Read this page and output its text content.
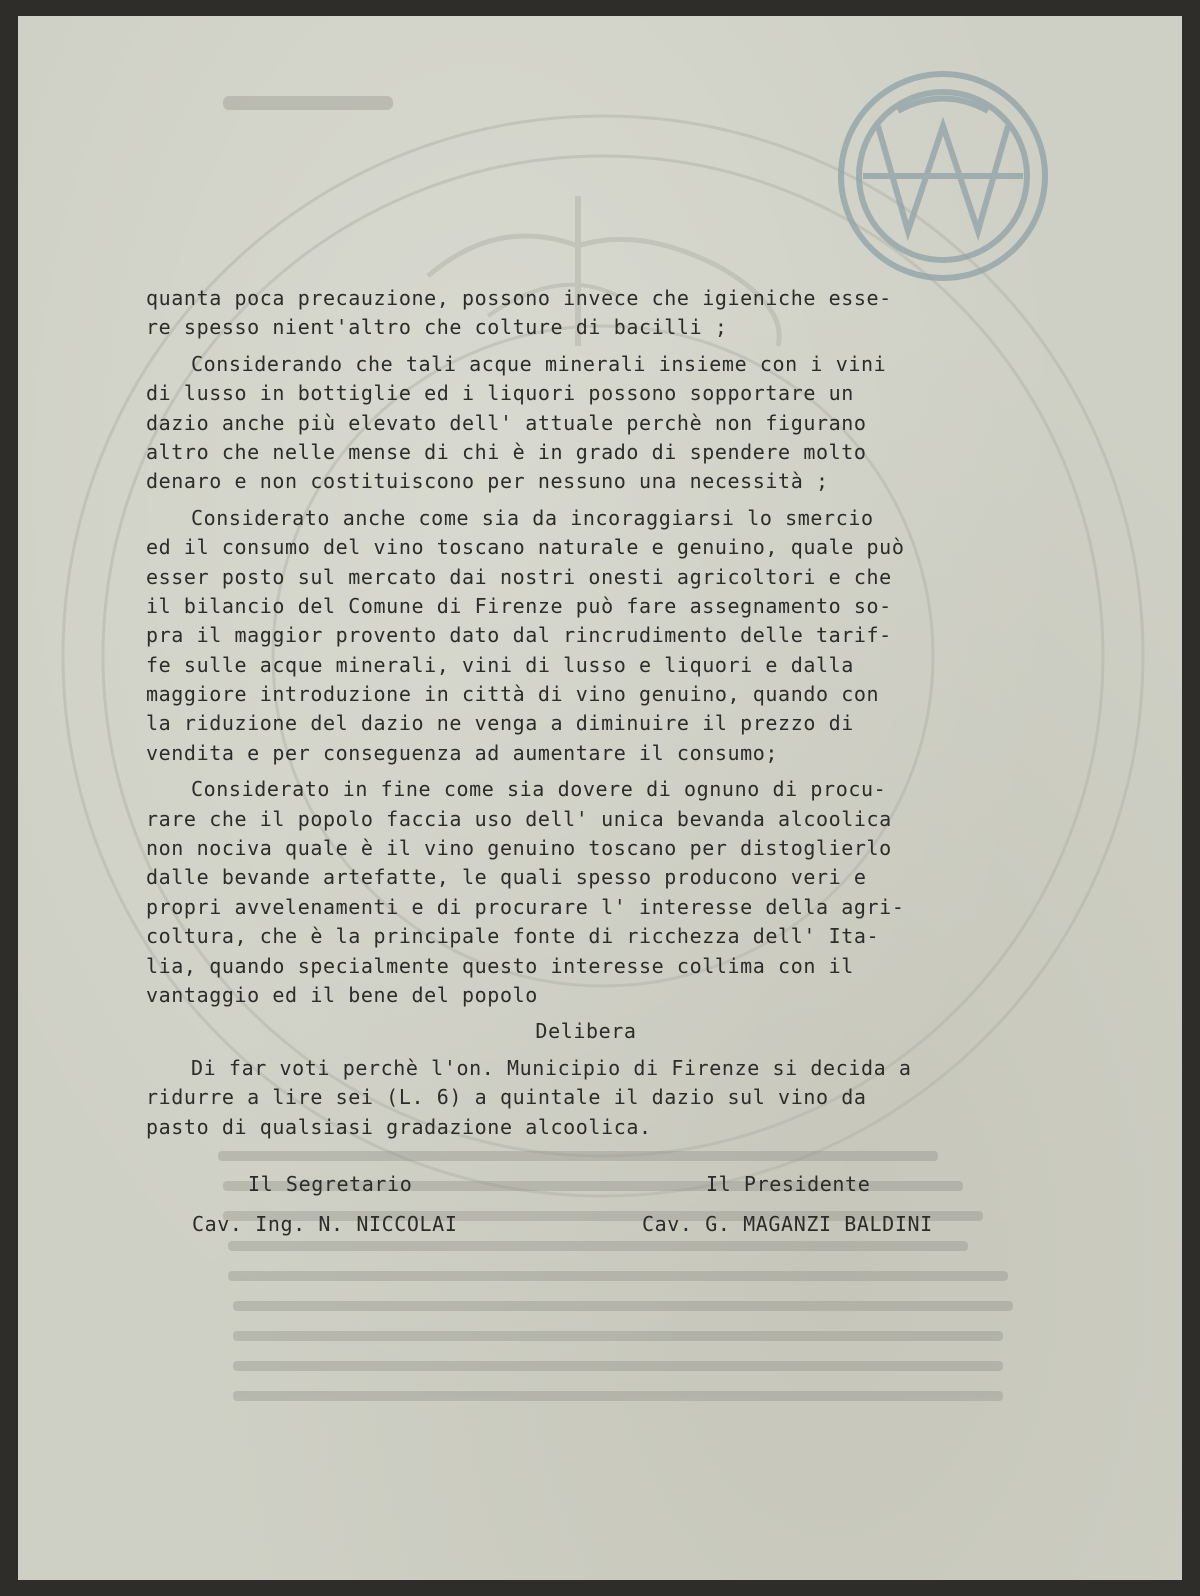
quanta poca precauzione, possono invece che igieniche esse-
re spesso nient'altro che colture di bacilli ;
Considerando che tali acque minerali insieme con i vini
di lusso in bottiglie ed i liquori possono sopportare un
dazio anche più elevato dell' attuale perchè non figurano
altro che nelle mense di chi è in grado di spendere molto
denaro e non costituiscono per nessuno una necessità ;
Considerato anche come sia da incoraggiarsi lo smercio
ed il consumo del vino toscano naturale e genuino, quale può
esser posto sul mercato dai nostri onesti agricoltori e che
il bilancio del Comune di Firenze può fare assegnamento so-
pra il maggior provento dato dal rincrudimento delle tarif-
fe sulle acque minerali, vini di lusso e liquori e dalla
maggiore introduzione in città di vino genuino, quando con
la riduzione del dazio ne venga a diminuire il prezzo di
vendita e per conseguenza ad aumentare il consumo;
Considerato in fine come sia dovere di ognuno di procu-
rare che il popolo faccia uso dell' unica bevanda alcoolica
non nociva quale è il vino genuino toscano per distoglierlo
dalle bevande artefatte, le quali spesso producono veri e
propri avvelenamenti e di procurare l' interesse della agri-
coltura, che è la principale fonte di ricchezza dell' Ita-
lia, quando specialmente questo interesse collima con il
vantaggio ed il bene del popolo
Delibera
Di far voti perchè l'on. Municipio di Firenze si decida a
ridurre a lire sei (L. 6) a quintale il dazio sul vino da
pasto di qualsiasi gradazione alcoolica.
Il Segretario	Il Presidente
Cav. Ing. N. NICCOLAI	Cav. G. MAGANZI BALDINI
